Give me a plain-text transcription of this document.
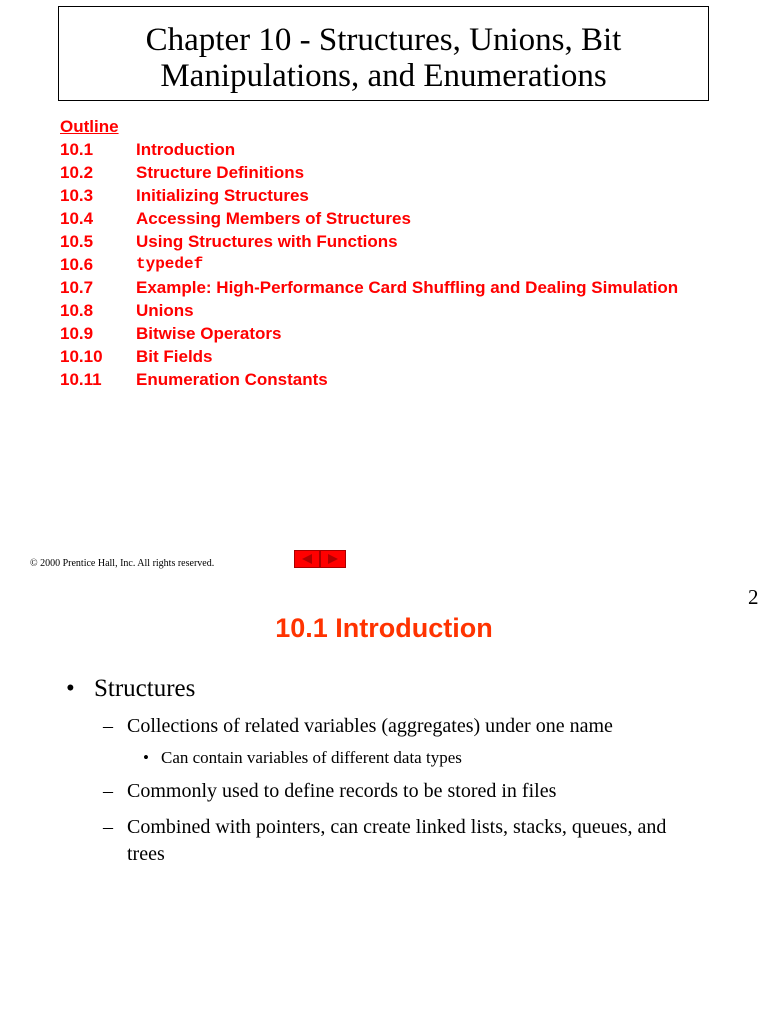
Chapter 10 - Structures, Unions, Bit
Manipulations, and Enumerations
Outline
10.1	Introduction
10.2	Structure Definitions
10.3	Initializing Structures
10.4	Accessing Members of Structures
10.5	Using Structures with Functions
10.6	typedef
10.7	Example: High-Performance Card Shuffling and Dealing Simulation
10.8	Unions
10.9	Bitwise Operators
10.10	Bit Fields
10.11	Enumeration Constants
© 2000 Prentice Hall, Inc. All rights reserved.
2
10.1 Introduction
• Structures
– Collections of related variables (aggregates) under one name
• Can contain variables of different data types
– Commonly used to define records to be stored in files
– Combined with pointers, can create linked lists, stacks, queues, and trees
